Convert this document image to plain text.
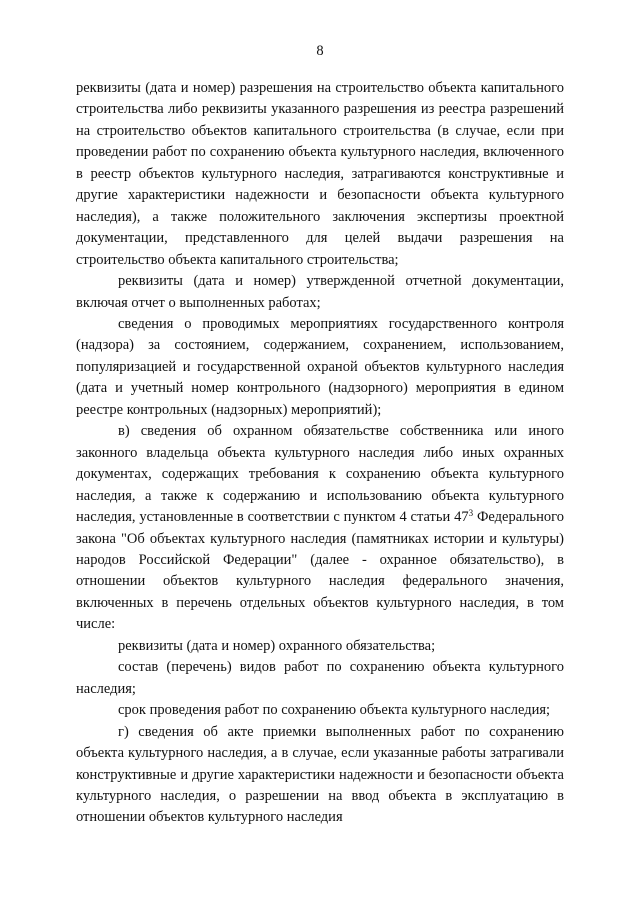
8

реквизиты (дата и номер) разрешения на строительство объекта капитального строительства либо реквизиты указанного разрешения из реестра разрешений на строительство объектов капитального строительства (в случае, если при проведении работ по сохранению объекта культурного наследия, включенного в реестр объектов культурного наследия, затрагиваются конструктивные и другие характеристики надежности и безопасности объекта культурного наследия), а также положительного заключения экспертизы проектной документации, представленного для целей выдачи разрешения на строительство объекта капитального строительства;

реквизиты (дата и номер) утвержденной отчетной документации, включая отчет о выполненных работах;

сведения о проводимых мероприятиях государственного контроля (надзора) за состоянием, содержанием, сохранением, использованием, популяризацией и государственной охраной объектов культурного наследия (дата и учетный номер контрольного (надзорного) мероприятия в едином реестре контрольных (надзорных) мероприятий);

в) сведения об охранном обязательстве собственника или иного законного владельца объекта культурного наследия либо иных охранных документах, содержащих требования к сохранению объекта культурного наследия, а также к содержанию и использованию объекта культурного наследия, установленные в соответствии с пунктом 4 статьи $47^3$ Федерального закона "Об объектах культурного наследия (памятниках истории и культуры) народов Российской Федерации" (далее - охранное обязательство), в отношении объектов культурного наследия федерального значения, включенных в перечень отдельных объектов культурного наследия, в том числе:

реквизиты (дата и номер) охранного обязательства;

состав (перечень) видов работ по сохранению объекта культурного наследия;

срок проведения работ по сохранению объекта культурного наследия;

г) сведения об акте приемки выполненных работ по сохранению объекта культурного наследия, а в случае, если указанные работы затрагивали конструктивные и другие характеристики надежности и безопасности объекта культурного наследия, о разрешении на ввод объекта в эксплуатацию в отношении объектов культурного наследия
